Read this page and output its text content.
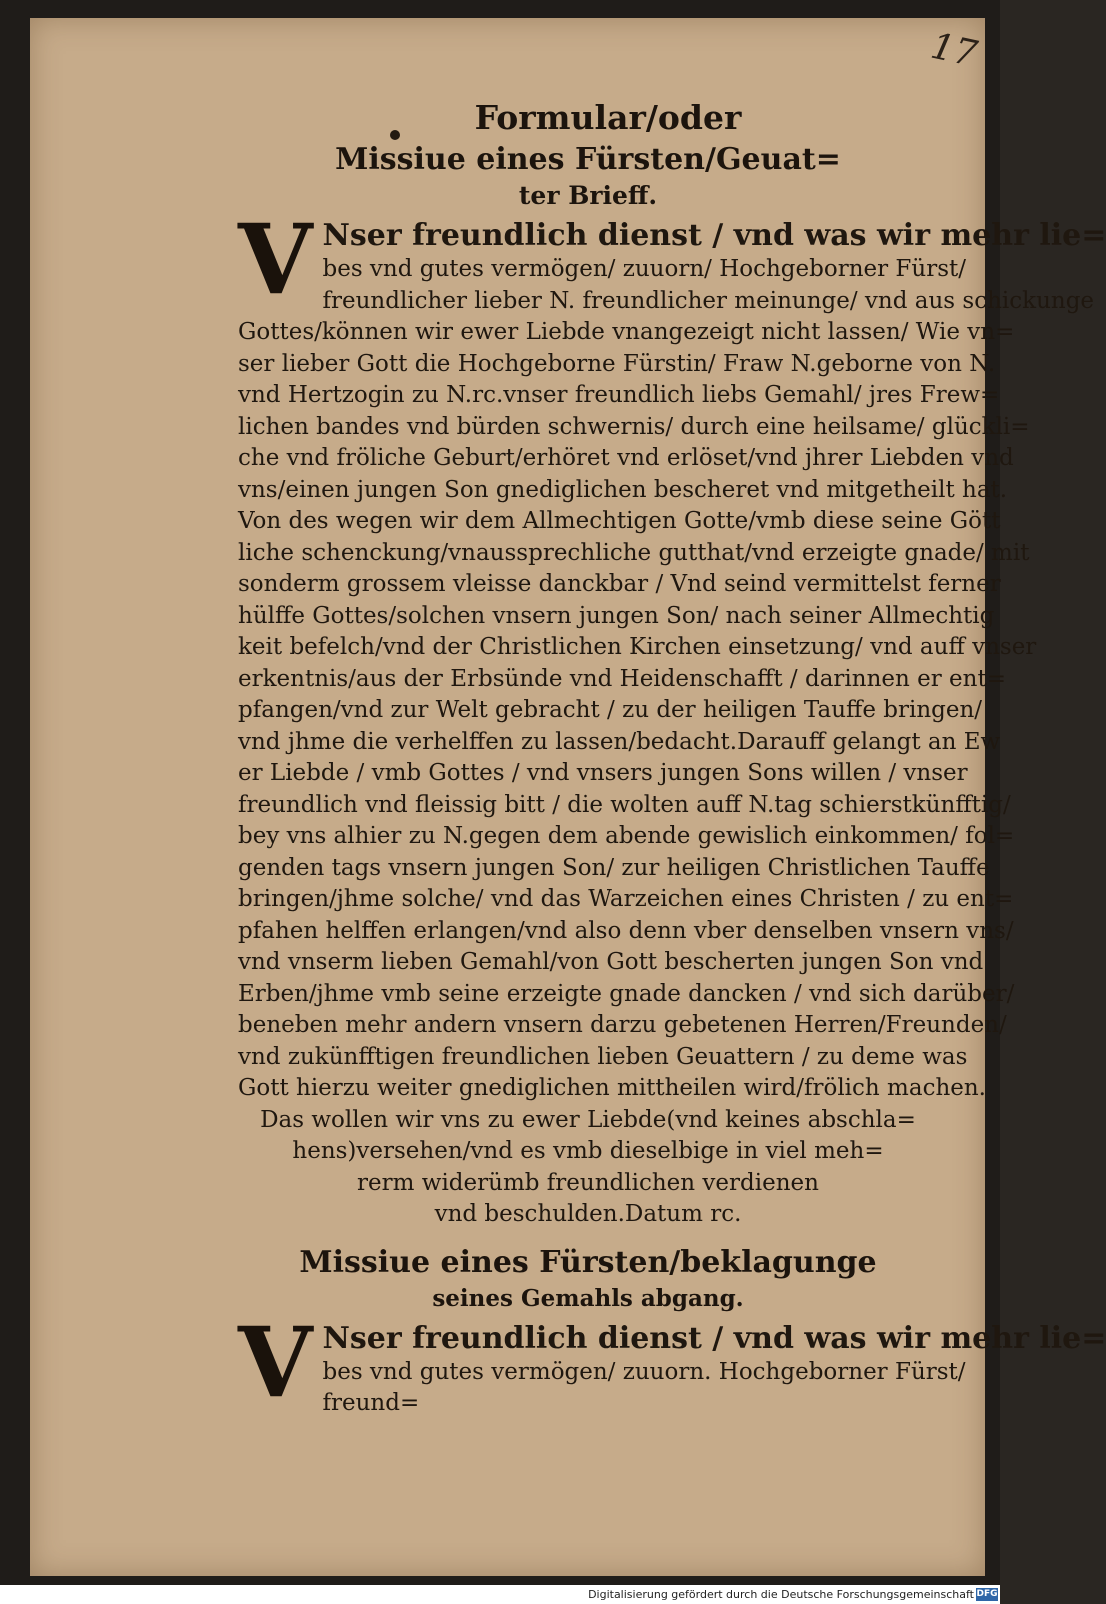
17

Formular/oder

Missiue eines Fürsten/Geuat=

ter Brieff.

V Nser freundlich dienst / vnd was wir mehr lie=
bes vnd gutes vermögen/ zuuorn/ Hochgeborner Fürst/
freundlicher lieber N. freundlicher meinunge/ vnd aus schickunge
Gottes/können wir ewer Liebde vnangezeigt nicht lassen/ Wie vn=
ser lieber Gott die Hochgeborne Fürstin/ Fraw N.geborne von N.
vnd Hertzogin zu N.rc.vnser freundlich liebs Gemahl/ jres Frew=
lichen bandes vnd bürden schwernis/ durch eine heilsame/ glückli=
che vnd fröliche Geburt/erhöret vnd erlöset/vnd jhrer Liebden vnd
vns/einen jungen Son gnediglichen bescheret vnd mitgetheilt hat.
Von des wegen wir dem Allmechtigen Gotte/vmb diese seine Gött
liche schenckung/vnaussprechliche gutthat/vnd erzeigte gnade/ mit
sonderm grossem vleisse danckbar / Vnd seind vermittelst ferner
hülffe Gottes/solchen vnsern jungen Son/ nach seiner Allmechtig
keit befelch/vnd der Christlichen Kirchen einsetzung/ vnd auff vnser
erkentnis/aus der Erbsünde vnd Heidenschafft / darinnen er ent=
pfangen/vnd zur Welt gebracht / zu der heiligen Tauffe bringen/
vnd jhme die verhelffen zu lassen/bedacht.Darauff gelangt an Ew
er Liebde / vmb Gottes / vnd vnsers jungen Sons willen / vnser
freundlich vnd fleissig bitt / die wolten auff N.tag schierstkünfftig/
bey vns alhier zu N.gegen dem abende gewislich einkommen/ fol=
genden tags vnsern jungen Son/ zur heiligen Christlichen Tauffe
bringen/jhme solche/ vnd das Warzeichen eines Christen / zu ent=
pfahen helffen erlangen/vnd also denn vber denselben vnsern vns/
vnd vnserm lieben Gemahl/von Gott bescherten jungen Son vnd
Erben/jhme vmb seine erzeigte gnade dancken / vnd sich darüber/
beneben mehr andern vnsern darzu gebetenen Herren/Freunden/
vnd zukünfftigen freundlichen lieben Geuattern / zu deme was
Gott hierzu weiter gnediglichen mittheilen wird/frölich machen.
Das wollen wir vns zu ewer Liebde(vnd keines abschla=
hens)versehen/vnd es vmb dieselbige in viel meh=
rerm widerümb freundlichen verdienen
vnd beschulden.Datum rc.

Missiue eines Fürsten/beklagunge

seines Gemahls abgang.

V Nser freundlich dienst / vnd was wir mehr lie=
bes vnd gutes vermögen/ zuuorn. Hochgeborner Fürst/
freund=
Digitalisierung gefördert durch die Deutsche Forschungsgemeinschaft DFG
